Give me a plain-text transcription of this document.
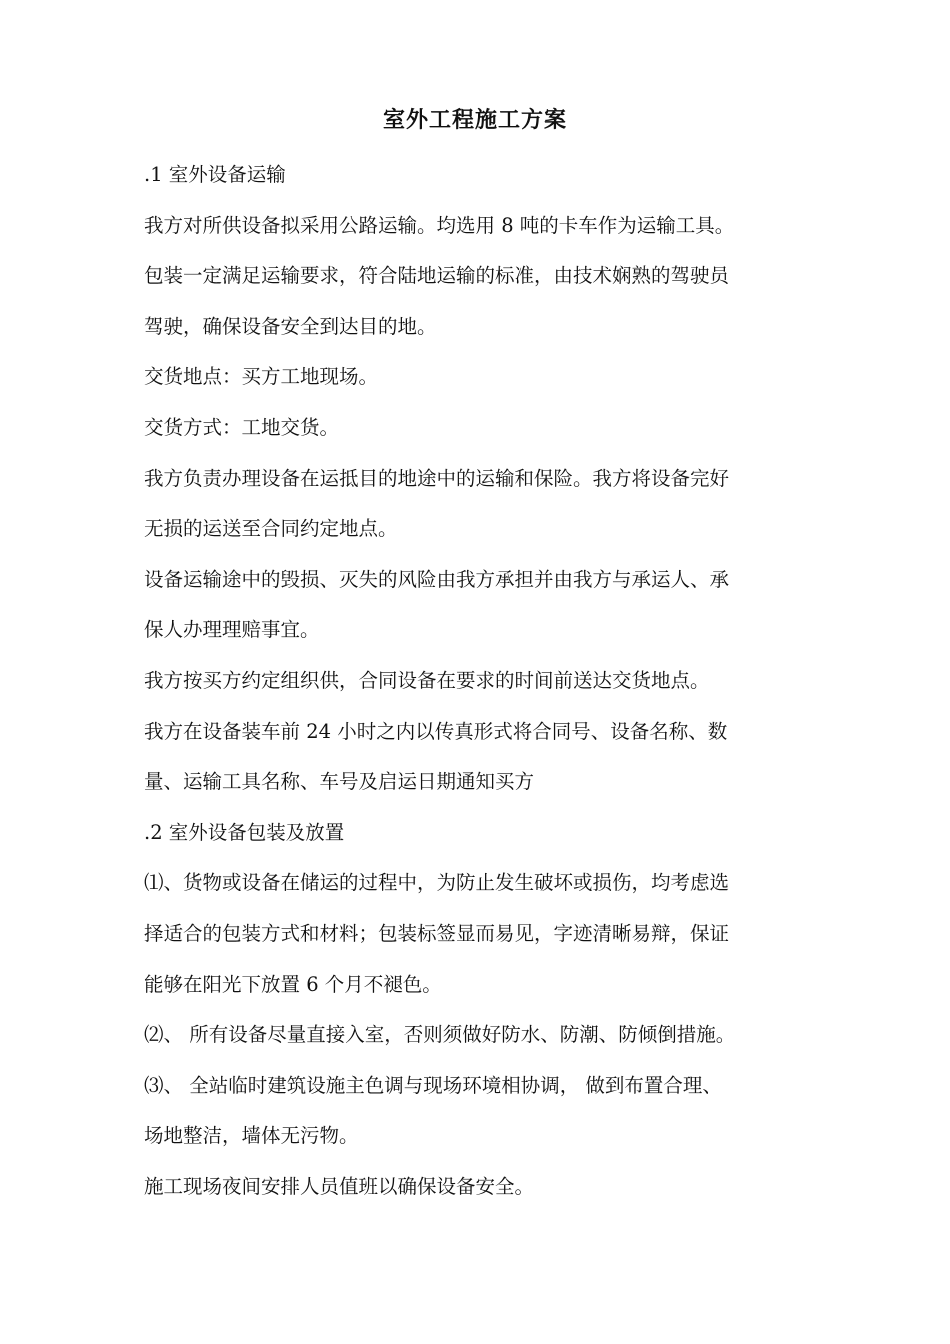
室外工程施工方案
.1 室外设备运输
我方对所供设备拟采用公路运输。均选用 8 吨的卡车作为运输工具。
包装一定满足运输要求，符合陆地运输的标准，由技术娴熟的驾驶员
驾驶，确保设备安全到达目的地。
交货地点：买方工地现场。
交货方式：工地交货。
我方负责办理设备在运抵目的地途中的运输和保险。我方将设备完好
无损的运送至合同约定地点。
设备运输途中的毁损、灭失的风险由我方承担并由我方与承运人、承
保人办理理赔事宜。
我方按买方约定组织供，合同设备在要求的时间前送达交货地点。
我方在设备装车前 24 小时之内以传真形式将合同号、设备名称、数
量、运输工具名称、车号及启运日期通知买方
.2 室外设备包装及放置
⑴、货物或设备在储运的过程中，为防止发生破坏或损伤，均考虑选
择适合的包装方式和材料；包装标签显而易见，字迹清晰易辩，保证
能够在阳光下放置 6 个月不褪色。
⑵、 所有设备尽量直接入室，否则须做好防水、防潮、防倾倒措施。
⑶、 全站临时建筑设施主色调与现场环境相协调， 做到布置合理、
场地整洁，墙体无污物。
施工现场夜间安排人员值班以确保设备安全。
